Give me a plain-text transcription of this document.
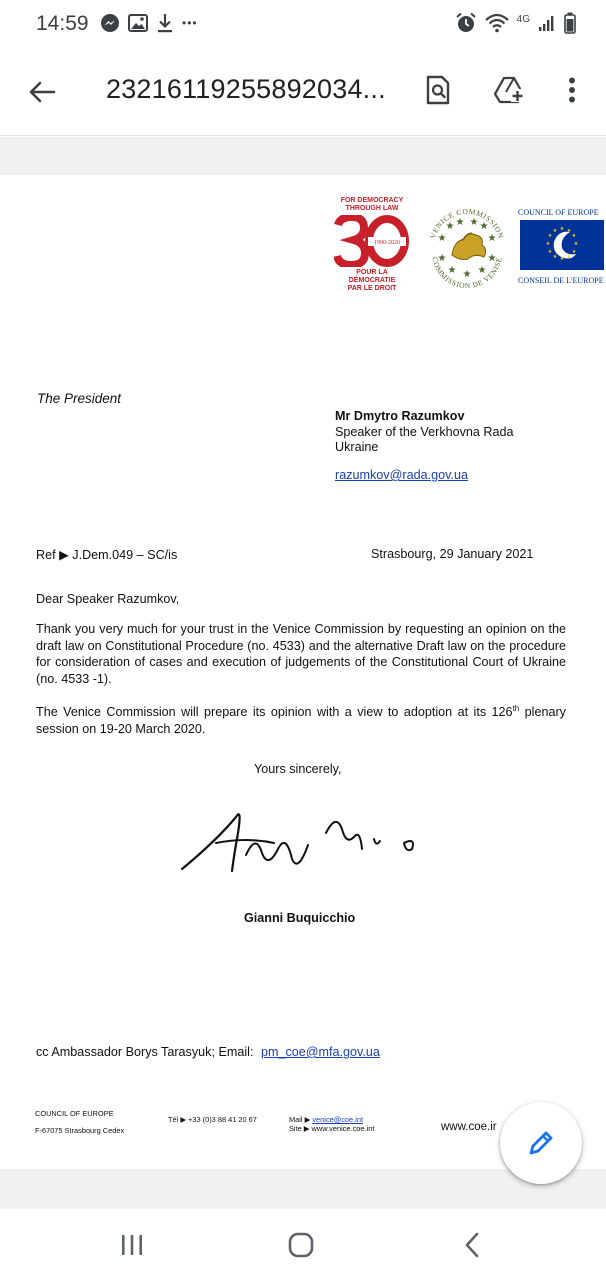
14:59	•••	4G
23216119255892034...
FOR DEMOCRACY
THROUGH LAW
1990-2020
POUR LA DÉMOCRATIE
PAR LE DROIT
VENICE COMMISSION
COMMISSION DE VENISE
★ ★ ★ ★
★	★
★	★
★ ★ ★
COUNCIL OF EUROPE
★ ★
★
★
★
★
★
★
★
★
★
★
CONSEIL DE L'EUROPE
The President
Mr Dmytro Razumkov
Speaker of the Verkhovna Rada
Ukraine
razumkov@rada.gov.ua
Ref ▶ J.Dem.049 – SC/is	Strasbourg, 29 January 2021
Dear Speaker Razumkov,
Thank you very much for your trust in the Venice Commission by requesting an opinion on the draft law on Constitutional Procedure (no. 4533) and the alternative Draft law on the procedure for consideration of cases and execution of judgements of the Constitutional Court of Ukraine (no. 4533 -1).
The Venice Commission will prepare its opinion with a view to adoption at its 126th plenary session on 19-20 March 2020.
Yours sincerely,
Gianni Buquicchio
cc Ambassador Borys Tarasyuk; Email: pm_coe@mfa.gov.ua
COUNCIL OF EUROPE
F-67075 Strasbourg Cedex
Tél ▶ +33 (0)3 88 41 20 67	Mail ▶ venice@coe.int
Site ▶ www.venice.coe.int	www.coe.ir
